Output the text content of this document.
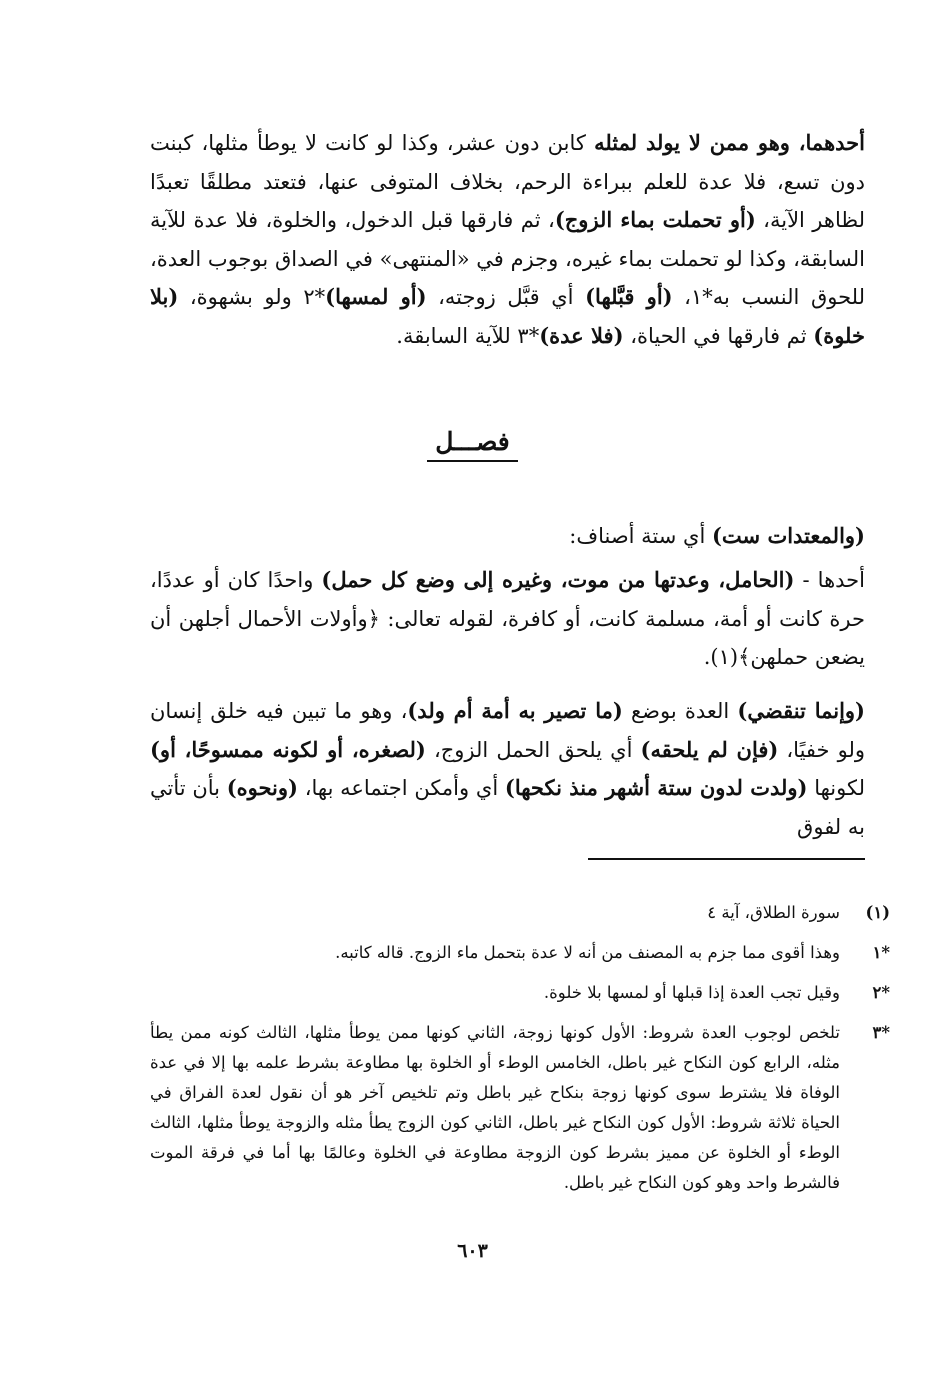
أحدهما، وهو ممن لا يولد لمثله كابن دون عشر، وكذا لو كانت لا يوطأ مثلها، كبنت دون تسع، فلا عدة للعلم ببراءة الرحم، بخلاف المتوفى عنها، فتعتد مطلقًا تعبدًا لظاهر الآية، (أو تحملت بماء الزوج)، ثم فارقها قبل الدخول، والخلوة، فلا عدة للآية السابقة، وكذا لو تحملت بماء غيره، وجزم في «المنتهى» في الصداق بوجوب العدة، للحوق النسب به*١، (أو قبَّلها) أي قبَّل زوجته، (أو لمسها)*٢ ولو بشهوة، (بلا خلوة) ثم فارقها في الحياة، (فلا عدة)*٣ للآية السابقة.

فصـــل

(والمعتدات ست) أي ستة أصناف:

أحدها - (الحامل، وعدتها من موت، وغيره إلى وضع كل حمل) واحدًا كان أو عددًا، حرة كانت أو أمة، مسلمة كانت، أو كافرة، لقوله تعالى: ﴿وأولات الأحمال أجلهن أن يضعن حملهن﴾(١).

(وإنما تنقضي) العدة بوضع (ما تصير به أمة أم ولد)، وهو ما تبين فيه خلق إنسان ولو خفيًا، (فإن لم يلحقه) أي يلحق الحمل الزوج، (لصغره، أو لكونه ممسوحًا، أو) لكونها (ولدت لدون ستة أشهر منذ نكحها) أي وأمكن اجتماعه بها، (ونحوه) بأن تأتي به لفوق

(١)
سورة الطلاق، آية ٤
*١
وهذا أقوى مما جزم به المصنف من أنه لا عدة بتحمل ماء الزوج. قاله كاتبه.
*٢
وقيل تجب العدة إذا قبلها أو لمسها بلا خلوة.
*٣
تلخص لوجوب العدة شروط: الأول كونها زوجة، الثاني كونها ممن يوطأ مثلها، الثالث كونه ممن يطأ مثله، الرابع كون النكاح غير باطل، الخامس الوطء أو الخلوة بها مطاوعة بشرط علمه بها إلا في عدة الوفاة فلا يشترط سوى كونها زوجة بنكاح غير باطل وتم تلخيص آخر هو أن نقول لعدة الفراق في الحياة ثلاثة شروط: الأول كون النكاح غير باطل، الثاني كون الزوج يطأ مثله والزوجة يوطأ مثلها، الثالث الوطء أو الخلوة عن مميز بشرط كون الزوجة مطاوعة في الخلوة وعالمًا بها أما في فرقة الموت فالشرط واحد وهو كون النكاح غير باطل.
٦٠٣
